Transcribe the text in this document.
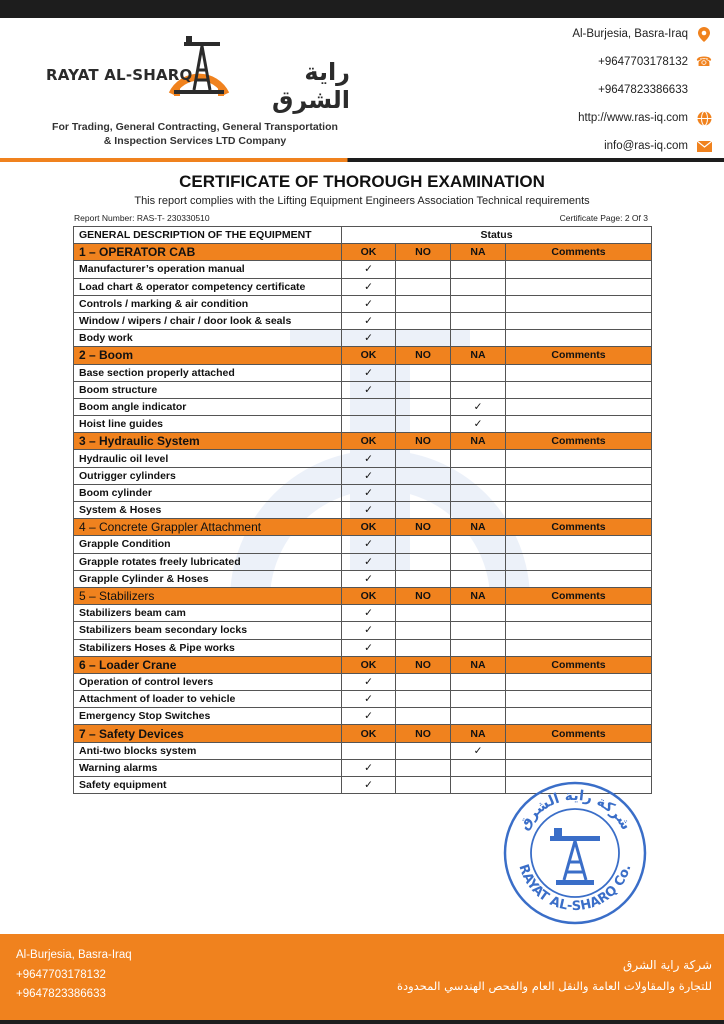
RAYAT AL-SHARQ	راية الشرق
For Trading, General Contracting, General Transportation
& Inspection Services LTD Company
Al-Burjesia, Basra-Iraq
+9647703178132 ☎
+9647823386633
http://www.ras-iq.com
info@ras-iq.com
CERTIFICATE OF THOROUGH EXAMINATION
This report complies with the Lifting Equipment Engineers Association Technical requirements
Report Number: RAS-T- 230330510	Certificate Page: 2 Of 3
GENERAL DESCRIPTION OF THE EQUIPMENT	Status			
1 – OPERATOR CAB	OK	NO	NA	Comments
Manufacturer’s operation manual	✓			
Load chart & operator competency certificate	✓			
Controls / marking & air condition	✓			
Window / wipers / chair / door look & seals	✓			
Body work	✓			
2 – Boom	OK	NO	NA	Comments
Base section properly attached	✓			
Boom structure	✓			
Boom angle indicator			✓	
Hoist line guides			✓	
3 – Hydraulic System	OK	NO	NA	Comments
Hydraulic oil level	✓			
Outrigger cylinders	✓			
Boom cylinder	✓			
System & Hoses	✓			
4 – Concrete Grappler Attachment	OK	NO	NA	Comments
Grapple Condition	✓			
Grapple rotates freely lubricated	✓			
Grapple Cylinder & Hoses	✓			
5 – Stabilizers	OK	NO	NA	Comments
Stabilizers beam cam	✓			
Stabilizers beam secondary locks	✓			
Stabilizers Hoses & Pipe works	✓			
6 – Loader Crane	OK	NO	NA	Comments
Operation of control levers	✓			
Attachment of loader to vehicle	✓			
Emergency Stop Switches	✓			
7 – Safety Devices	OK	NO	NA	Comments
Anti-two blocks system			✓	
Warning alarms	✓			
Safety equipment	✓			
شركة راية الشرق
RAYAT AL-SHARQ Co.
Al-Burjesia, Basra-Iraq
+9647703178132
+9647823386633
شركة راية الشرق
للتجارة والمقاولات العامة والنقل العام والفحص الهندسي المحدودة
